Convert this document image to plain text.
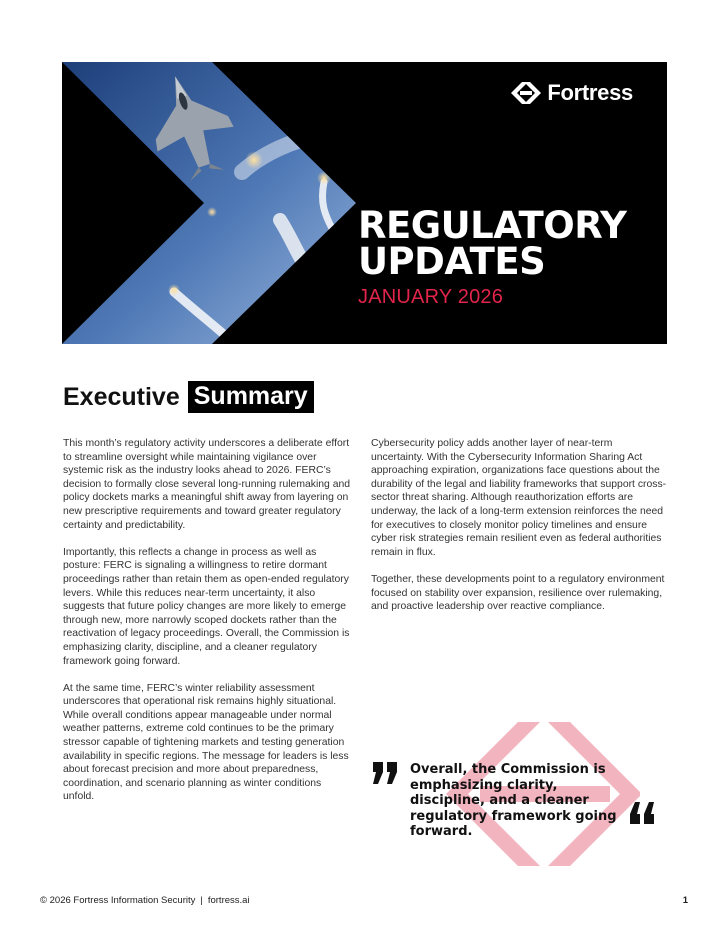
Fortress
REGULATORY
UPDATES
JANUARY 2026
Executive Summary

This month’s regulatory activity underscores a deliberate effort to streamline oversight while maintaining vigilance over systemic risk as the industry looks ahead to 2026. FERC’s decision to formally close several long-running rulemaking and policy dockets marks a meaningful shift away from layering on new prescriptive requirements and toward greater regulatory certainty and predictability.

Importantly, this reflects a change in process as well as posture: FERC is signaling a willingness to retire dormant proceedings rather than retain them as open-ended regulatory levers. While this reduces near-term uncertainty, it also suggests that future policy changes are more likely to emerge through new, more narrowly scoped dockets rather than the reactivation of legacy proceedings. Overall, the Commission is emphasizing clarity, discipline, and a cleaner regulatory framework going forward.

At the same time, FERC’s winter reliability assessment underscores that operational risk remains highly situational. While overall conditions appear manageable under normal weather patterns, extreme cold continues to be the primary stressor capable of tightening markets and testing generation availability in specific regions. The message for leaders is less about forecast precision and more about preparedness, coordination, and scenario planning as winter conditions unfold.

Cybersecurity policy adds another layer of near-term uncertainty. With the Cybersecurity Information Sharing Act approaching expiration, organizations face questions about the durability of the legal and liability frameworks that support cross-sector threat sharing. Although reauthorization efforts are underway, the lack of a long-term extension reinforces the need for executives to closely monitor policy timelines and ensure cyber risk strategies remain resilient even as federal authorities remain in flux.

Together, these developments point to a regulatory environment focused on stability over expansion, resilience over rulemaking, and proactive leadership over reactive compliance.

Overall, the Commission is emphasizing clarity, discipline, and a cleaner regulatory framework going forward.
© 2026 Fortress Information Security | fortress.ai	1
